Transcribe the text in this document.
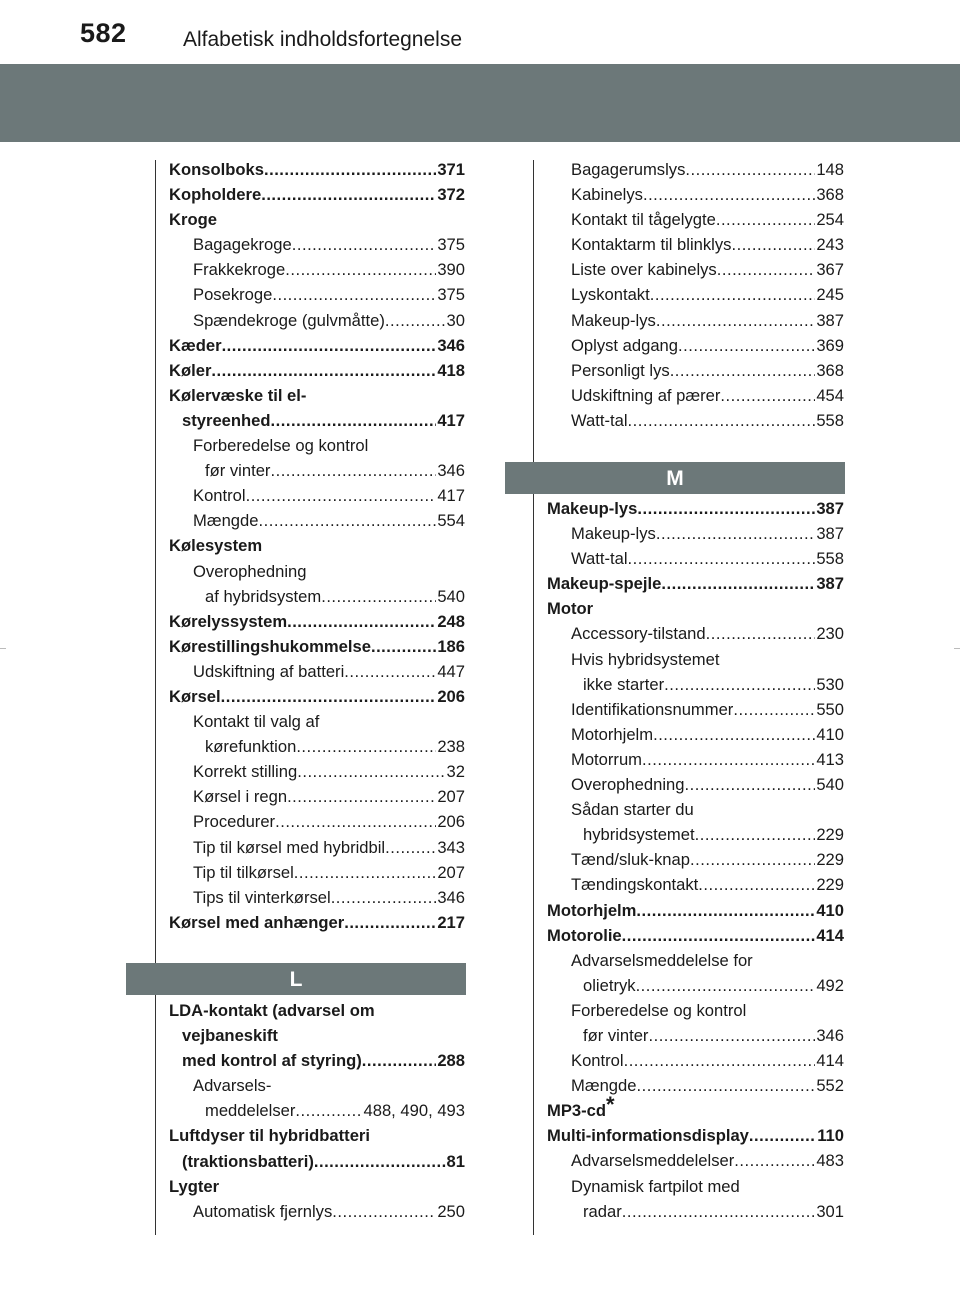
582	Alfabetisk indholdsfortegnelse
Konsolboks .....	371
Kopholdere .....	372
Kroge
Bagagekroge .....	375
Frakkekroge .....	390
Posekroge .....	375
Spændekroge (gulvmåtte) .....	30
Kæder .....	346
Køler .....	418
Kølervæske til el-
styreenhed .....	417
Forberedelse og kontrol
før vinter .....	346
Kontrol .....	417
Mængde .....	554
Kølesystem
Overophedning
af hybridsystem .....	540
Kørelyssystem .....	248
Kørestillingshukommelse .....	186
Udskiftning af batteri .....	447
Kørsel .....	206
Kontakt til valg af
kørefunktion .....	238
Korrekt stilling .....	32
Kørsel i regn .....	207
Procedurer .....	206
Tip til kørsel med hybridbil .....	343
Tip til tilkørsel .....	207
Tips til vinterkørsel .....	346
Kørsel med anhænger .....	217
L
LDA-kontakt (advarsel om
vejbaneskift
med kontrol af styring) .....	288
Advarsels-
meddelelser .....	488, 490, 493
Luftdyser til hybridbatteri
(traktionsbatteri) .....	81
Lygter
Automatisk fjernlys .....	250
Bagagerumslys .....	148
Kabinelys .....	368
Kontakt til tågelygte .....	254
Kontaktarm til blinklys .....	243
Liste over kabinelys .....	367
Lyskontakt .....	245
Makeup-lys .....	387
Oplyst adgang .....	369
Personligt lys .....	368
Udskiftning af pærer .....	454
Watt-tal .....	558
M
Makeup-lys .....	387
Makeup-lys .....	387
Watt-tal .....	558
Makeup-spejle .....	387
Motor
Accessory-tilstand .....	230
Hvis hybridsystemet
ikke starter .....	530
Identifikationsnummer .....	550
Motorhjelm .....	410
Motorrum .....	413
Overophedning .....	540
Sådan starter du
hybridsystemet .....	229
Tænd/sluk-knap .....	229
Tændingskontakt .....	229
Motorhjelm .....	410
Motorolie .....	414
Advarselsmeddelelse for
olietryk .....	492
Forberedelse og kontrol
før vinter .....	346
Kontrol .....	414
Mængde .....	552
MP3-cd*
Multi-informationsdisplay .....	110
Advarselsmeddelelser .....	483
Dynamisk fartpilot med
radar .....	301
